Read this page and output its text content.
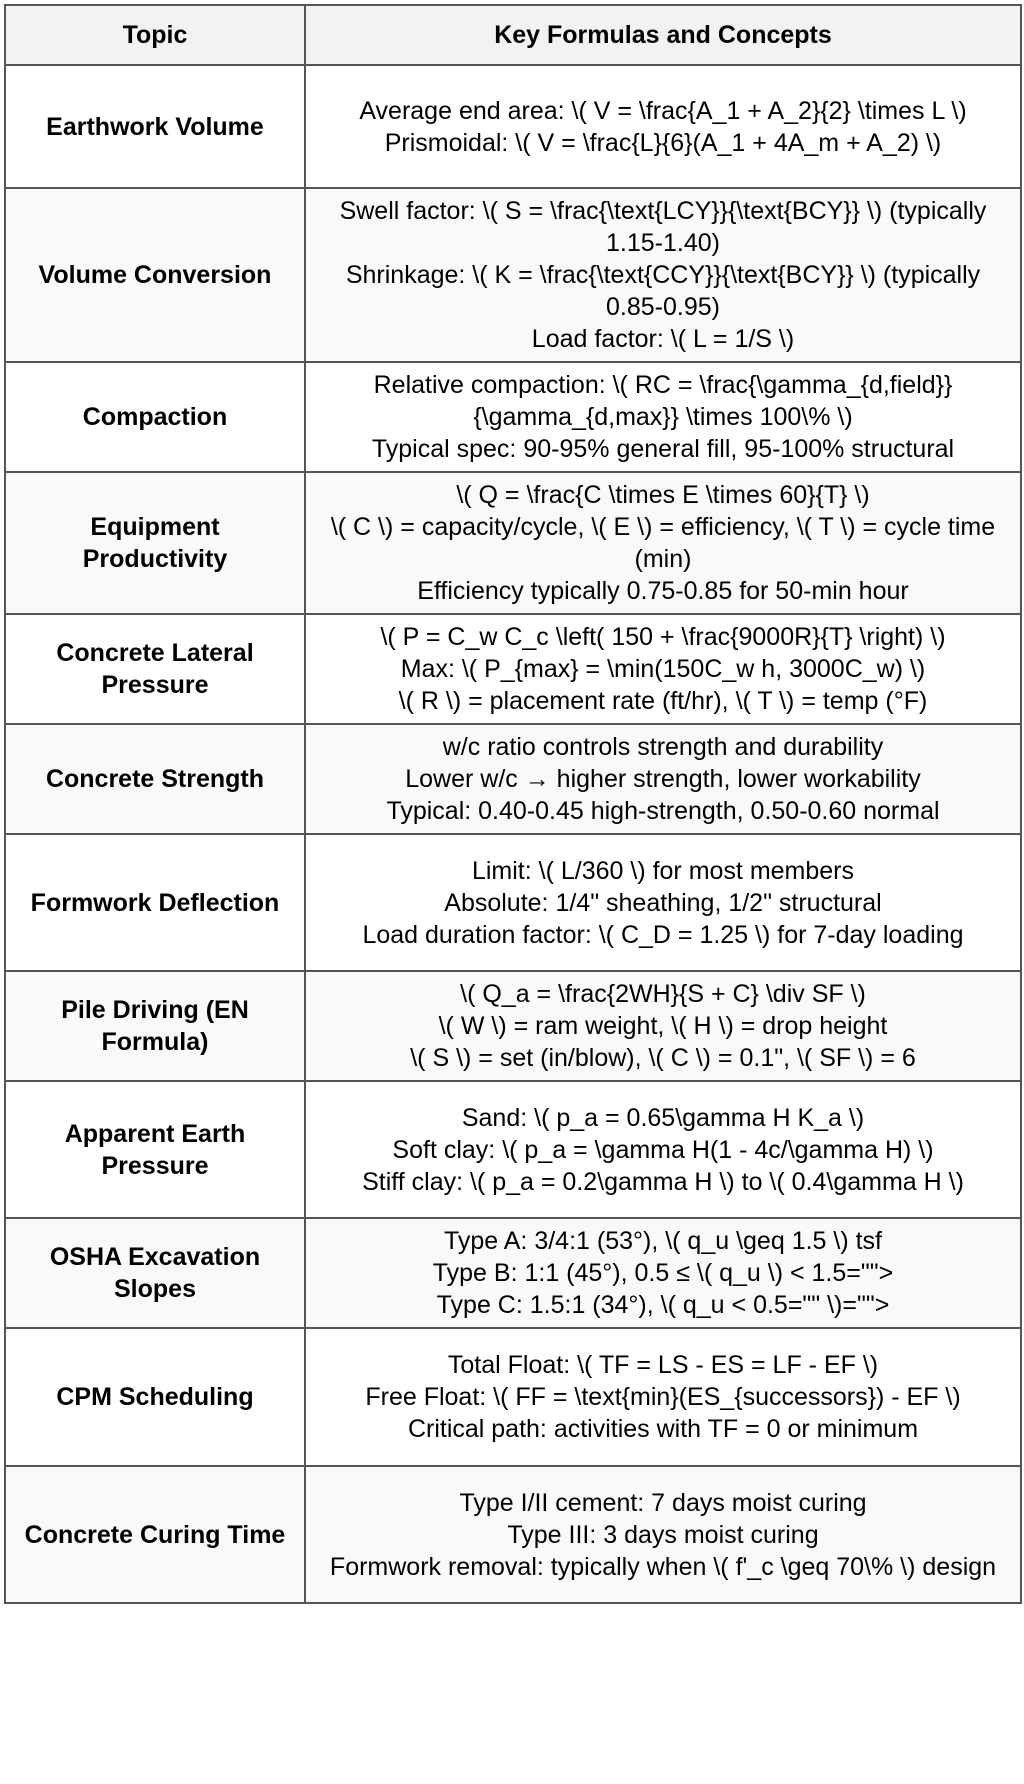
Topic	Key Formulas and Concepts
Earthwork Volume	Average end area: \( V = \frac{A_1 + A_2}{2} \times L \)
Prismoidal: \( V = \frac{L}{6}(A_1 + 4A_m + A_2) \)

Volume Conversion	Swell factor: \( S = \frac{\text{LCY}}{\text{BCY}} \) (typically 1.15-1.40)
Shrinkage: \( K = \frac{\text{CCY}}{\text{BCY}} \) (typically 0.85-0.95)
Load factor: \( L = 1/S \)

Compaction	Relative compaction: \( RC = \frac{\gamma_{d,field}}{\gamma_{d,max}} \times 100\% \)
Typical spec: 90-95% general fill, 95-100% structural

Equipment Productivity	\( Q = \frac{C \times E \times 60}{T} \)
\( C \) = capacity/cycle, \( E \) = efficiency, \( T \) = cycle time (min)
Efficiency typically 0.75-0.85 for 50-min hour

Concrete Lateral Pressure	\( P = C_w C_c \left( 150 + \frac{9000R}{T} \right) \)
Max: \( P_{max} = \min(150C_w h, 3000C_w) \)
\( R \) = placement rate (ft/hr), \( T \) = temp (°F)

Concrete Strength	w/c ratio controls strength and durability
Lower w/c → higher strength, lower workability
Typical: 0.40-0.45 high-strength, 0.50-0.60 normal

Formwork Deflection	Limit: \( L/360 \) for most members
Absolute: 1/4" sheathing, 1/2" structural
Load duration factor: \( C_D = 1.25 \) for 7-day loading

Pile Driving (EN Formula)	\( Q_a = \frac{2WH}{S + C} \div SF \)
\( W \) = ram weight, \( H \) = drop height
\( S \) = set (in/blow), \( C \) = 0.1", \( SF \) = 6

Apparent Earth Pressure	Sand: \( p_a = 0.65\gamma H K_a \)
Soft clay: \( p_a = \gamma H(1 - 4c/\gamma H) \)
Stiff clay: \( p_a = 0.2\gamma H \) to \( 0.4\gamma H \)

OSHA Excavation Slopes	Type A: 3/4:1 (53°), \( q_u \geq 1.5 \) tsf
Type B: 1:1 (45°), 0.5 ≤ \( q_u \) < 1.5="">
Type C: 1.5:1 (34°), \( q_u < 0.5="" \)="">

CPM Scheduling	Total Float: \( TF = LS - ES = LF - EF \)
Free Float: \( FF = \text{min}(ES_{successors}) - EF \)
Critical path: activities with TF = 0 or minimum

Concrete Curing Time	Type I/II cement: 7 days moist curing
Type III: 3 days moist curing
Formwork removal: typically when \( f'_c \geq 70\% \) design
